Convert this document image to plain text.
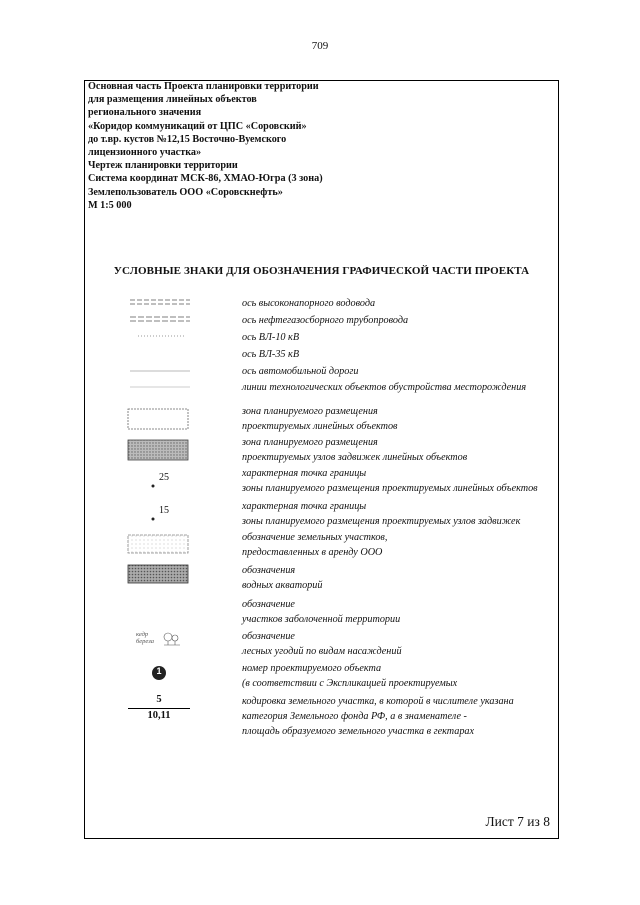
709
Основная часть Проекта планировки территории
для размещения линейных объектов
регионального значения
«Коридор коммуникаций от ЦПС «Соровский»
до т.вр. кустов №12,15 Восточно-Вуемского
лицензионного участка»
Чертеж планировки территории
Система координат МСК-86, ХМАО-Югра (3 зона)
Землепользователь ООО «Соровскнефть»
М 1:5 000
УСЛОВНЫЕ ЗНАКИ ДЛЯ ОБОЗНАЧЕНИЯ ГРАФИЧЕСКОЙ ЧАСТИ ПРОЕКТА
ось высоконапорного водовода
ось нефтегазосборного трубопровода
ось ВЛ-10 кВ
ось ВЛ-35 кВ
ось автомобильной дороги
линии технологических объектов обустройства месторождения
зона планируемого размещения
проектируемых линейных объектов
зона планируемого размещения
проектируемых узлов задвижек линейных объектов
25	характерная точка границы
зоны планируемого размещения проектируемых линейных объектов
15	характерная точка границы
зоны планируемого размещения проектируемых узлов задвижек
обозначение земельных участков,
предоставленных в аренду ООО
обозначения
водных акваторий
обозначение
участков заболоченной территории
кедр
береза	обозначение
лесных угодий по видам насаждений
1	номер проектируемого объекта
(в соответствии с Экспликацией проектируемых
5
10,11
кодировка земельного участка, в которой в числителе указана
категория Земельного фонда РФ, а в знаменателе -
площадь образуемого земельного участка в гектарах
Лист 7 из 8
